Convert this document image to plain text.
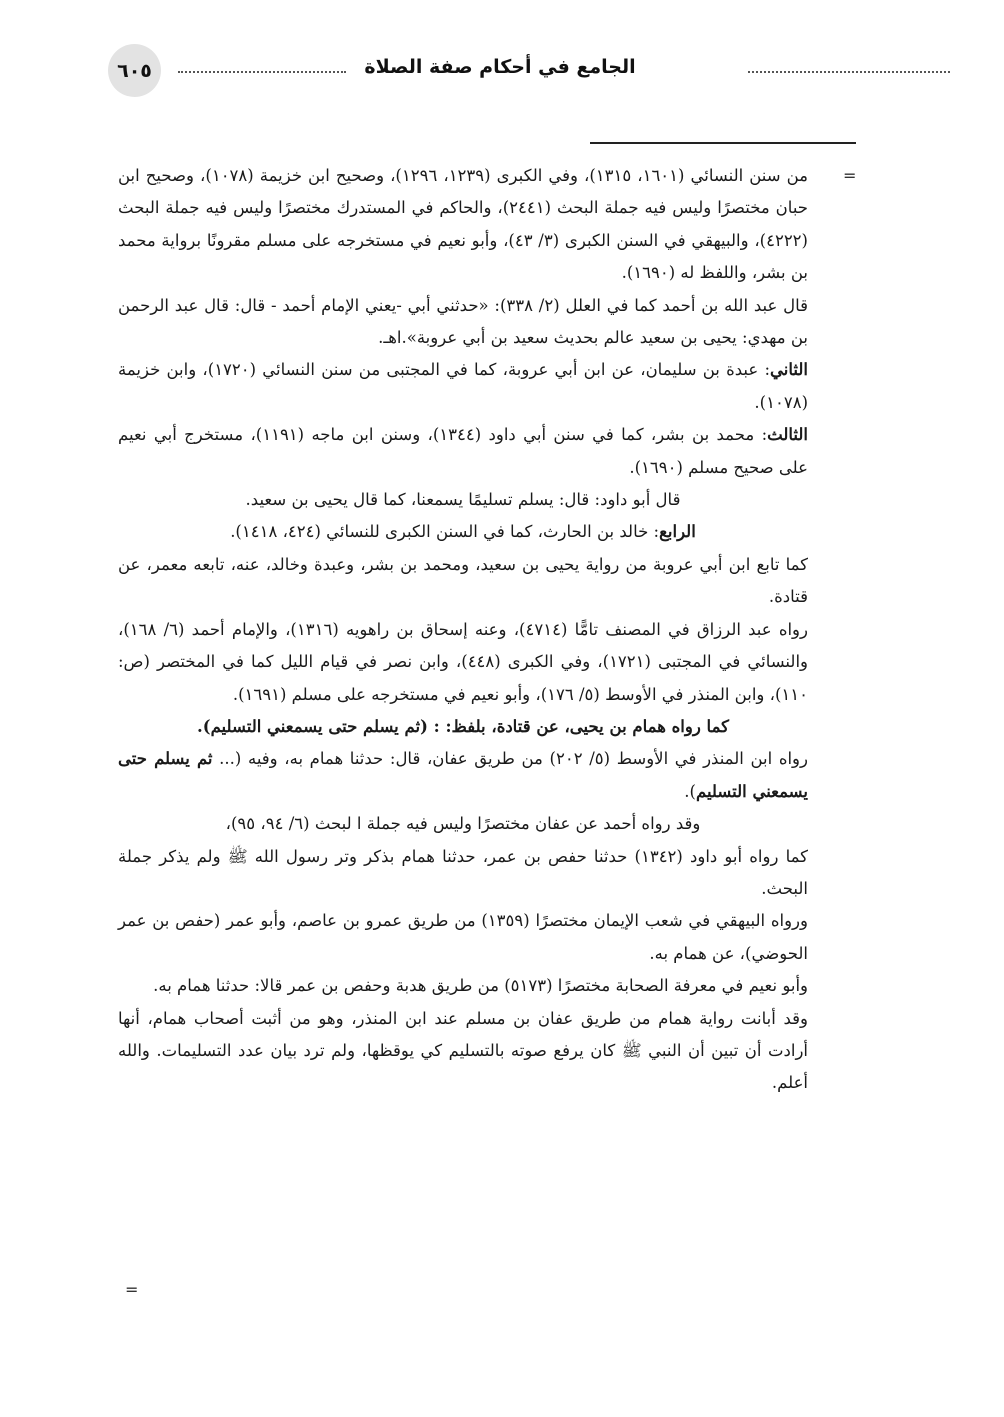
٦٠٥	الجامع في أحكام صفة الصلاة
=
=

من سنن النسائي (١٦٠١، ١٣١٥)، وفي الكبرى (١٢٣٩، ١٢٩٦)، وصحيح ابن خزيمة (١٠٧٨)، وصحيح ابن حبان مختصرًا وليس فيه جملة البحث (٢٤٤١)، والحاكم في المستدرك مختصرًا وليس فيه جملة البحث (٤٢٢٢)، والبيهقي في السنن الكبرى (٣/ ٤٣)، وأبو نعيم في مستخرجه على مسلم مقرونًا برواية محمد بن بشر، واللفظ له (١٦٩٠).

قال عبد الله بن أحمد كما في العلل (٢/ ٣٣٨): «حدثني أبي -يعني الإمام أحمد - قال: قال عبد الرحمن بن مهدي: يحيى بن سعيد عالم بحديث سعيد بن أبي عروبة».اهـ.

الثاني: عبدة بن سليمان، عن ابن أبي عروبة، كما في المجتبى من سنن النسائي (١٧٢٠)، وابن خزيمة (١٠٧٨).

الثالث: محمد بن بشر، كما في سنن أبي داود (١٣٤٤)، وسنن ابن ماجه (١١٩١)، مستخرج أبي نعيم على صحيح مسلم (١٦٩٠).

قال أبو داود: قال: يسلم تسليمًا يسمعنا، كما قال يحيى بن سعيد.

الرابع: خالد بن الحارث، كما في السنن الكبرى للنسائي (٤٢٤، ١٤١٨).

كما تابع ابن أبي عروبة من رواية يحيى بن سعيد، ومحمد بن بشر، وعبدة وخالد، عنه، تابعه معمر، عن قتادة.

رواه عبد الرزاق في المصنف تامًّا (٤٧١٤)، وعنه إسحاق بن راهويه (١٣١٦)، والإمام أحمد (٦/ ١٦٨)، والنسائي في المجتبى (١٧٢١)، وفي الكبرى (٤٤٨)، وابن نصر في قيام الليل كما في المختصر (ص: ١١٠)، وابن المنذر في الأوسط (٥/ ١٧٦)، وأبو نعيم في مستخرجه على مسلم (١٦٩١).

كما رواه همام بن يحيى، عن قتادة، بلفظ: : (ثم يسلم حتى يسمعني التسليم).

رواه ابن المنذر في الأوسط (٥/ ٢٠٢) من طريق عفان، قال: حدثنا همام به، وفيه (... ثم يسلم حتى يسمعني التسليم).

وقد رواه أحمد عن عفان مختصرًا وليس فيه جملة ا لبحث (٦/ ٩٤، ٩٥)،

كما رواه أبو داود (١٣٤٢) حدثنا حفص بن عمر، حدثنا همام بذكر وتر رسول الله ﷺ ولم يذكر جملة البحث.

ورواه البيهقي في شعب الإيمان مختصرًا (١٣٥٩) من طريق عمرو بن عاصم، وأبو عمر (حفص بن عمر الحوضي)، عن همام به.

وأبو نعيم في معرفة الصحابة مختصرًا (٥١٧٣) من طريق هدبة وحفص بن عمر قالا: حدثنا همام به.

وقد أبانت رواية همام من طريق عفان بن مسلم عند ابن المنذر، وهو من أثبت أصحاب همام، أنها أرادت أن تبين أن النبي ﷺ كان يرفع صوته بالتسليم كي يوقظها، ولم ترد بيان عدد التسليمات. والله أعلم.
